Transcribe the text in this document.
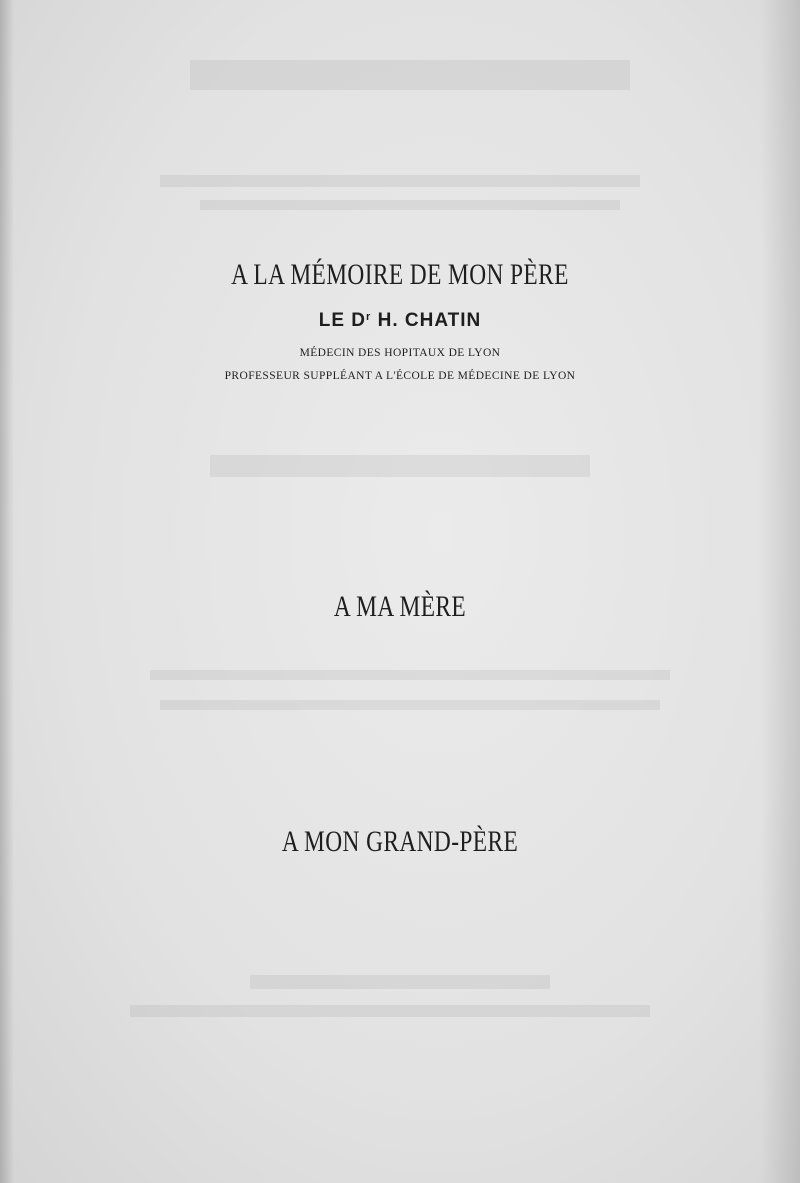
A LA MÉMOIRE DE MON PÈRE
LE $D^r$ H. CHATIN
MÉDECIN DES HOPITAUX DE LYON
PROFESSEUR SUPPLÉANT A L'ÉCOLE DE MÉDECINE DE LYON
A MA MÈRE
A MON GRAND-PÈRE
